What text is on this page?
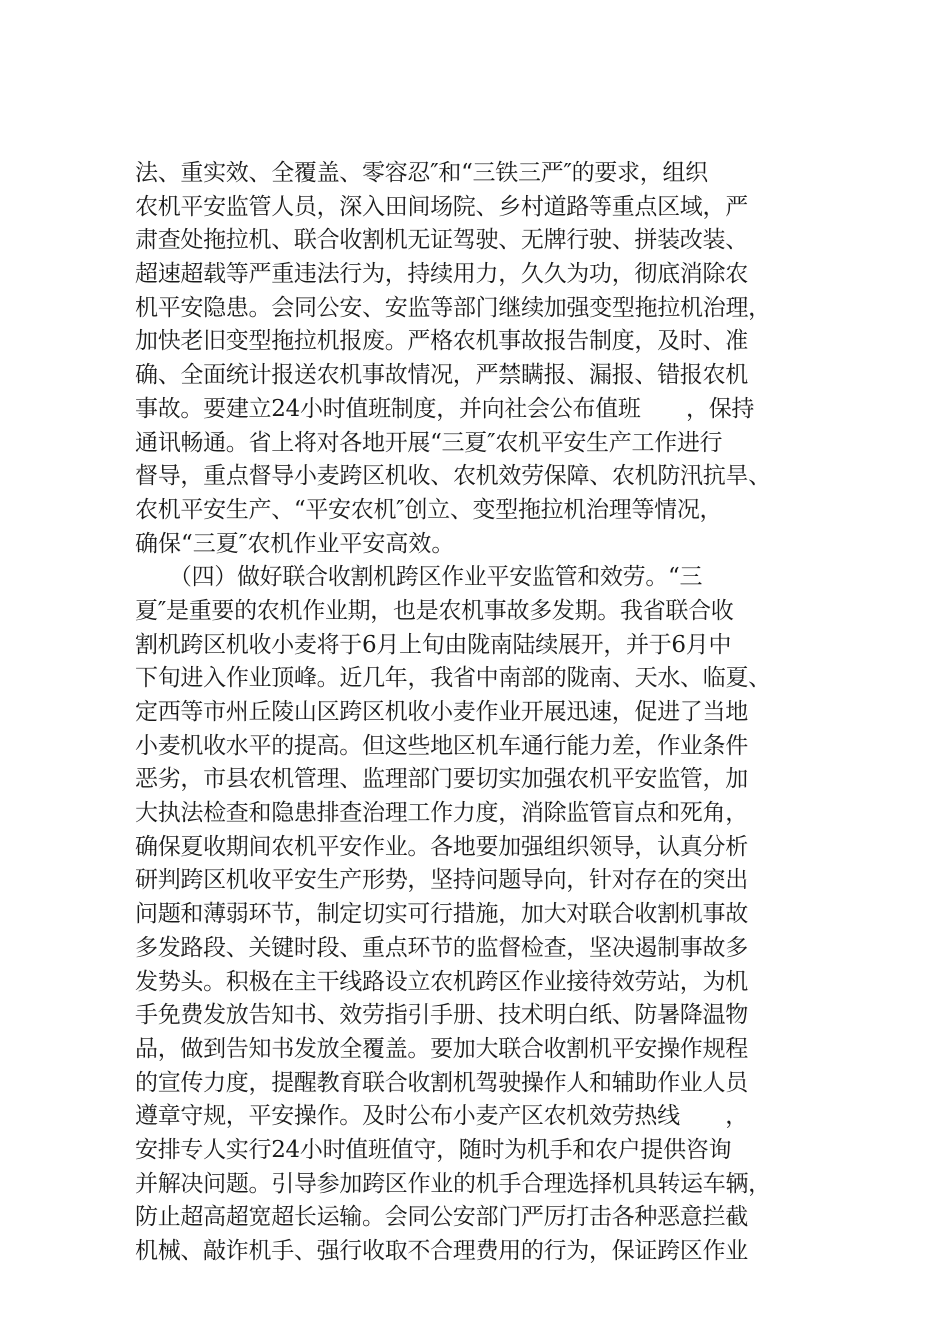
法、重实效、全覆盖、零容忍″和“三铁三严″的要求，组织
农机平安监管人员，深入田间场院、乡村道路等重点区域，严
肃查处拖拉机、联合收割机无证驾驶、无牌行驶、拼装改装、
超速超载等严重违法行为，持续用力，久久为功，彻底消除农
机平安隐患。会同公安、安监等部门继续加强变型拖拉机治理，
加快老旧变型拖拉机报废。严格农机事故报告制度，及时、准
确、全面统计报送农机事故情况，严禁瞒报、漏报、错报农机
事故。要建立24小时值班制度，并向社会公布值班　　，保持
通讯畅通。省上将对各地开展“三夏″农机平安生产工作进行
督导，重点督导小麦跨区机收、农机效劳保障、农机防汛抗旱、
农机平安生产、“平安农机″创立、变型拖拉机治理等情况，
确保“三夏″农机作业平安高效。
　　（四）做好联合收割机跨区作业平安监管和效劳。“三
夏″是重要的农机作业期，也是农机事故多发期。我省联合收
割机跨区机收小麦将于6月上旬由陇南陆续展开，并于6月中
下旬进入作业顶峰。近几年，我省中南部的陇南、天水、临夏、
定西等市州丘陵山区跨区机收小麦作业开展迅速，促进了当地
小麦机收水平的提高。但这些地区机车通行能力差，作业条件
恶劣，市县农机管理、监理部门要切实加强农机平安监管，加
大执法检查和隐患排查治理工作力度，消除监管盲点和死角，
确保夏收期间农机平安作业。各地要加强组织领导，认真分析
研判跨区机收平安生产形势，坚持问题导向，针对存在的突出
问题和薄弱环节，制定切实可行措施，加大对联合收割机事故
多发路段、关键时段、重点环节的监督检查，坚决遏制事故多
发势头。积极在主干线路设立农机跨区作业接待效劳站，为机
手免费发放告知书、效劳指引手册、技术明白纸、防暑降温物
品，做到告知书发放全覆盖。要加大联合收割机平安操作规程
的宣传力度，提醒教育联合收割机驾驶操作人和辅助作业人员
遵章守规，平安操作。及时公布小麦产区农机效劳热线　　，
安排专人实行24小时值班值守，随时为机手和农户提供咨询
并解决问题。引导参加跨区作业的机手合理选择机具转运车辆，
防止超高超宽超长运输。会同公安部门严厉打击各种恶意拦截
机械、敲诈机手、强行收取不合理费用的行为，保证跨区作业
